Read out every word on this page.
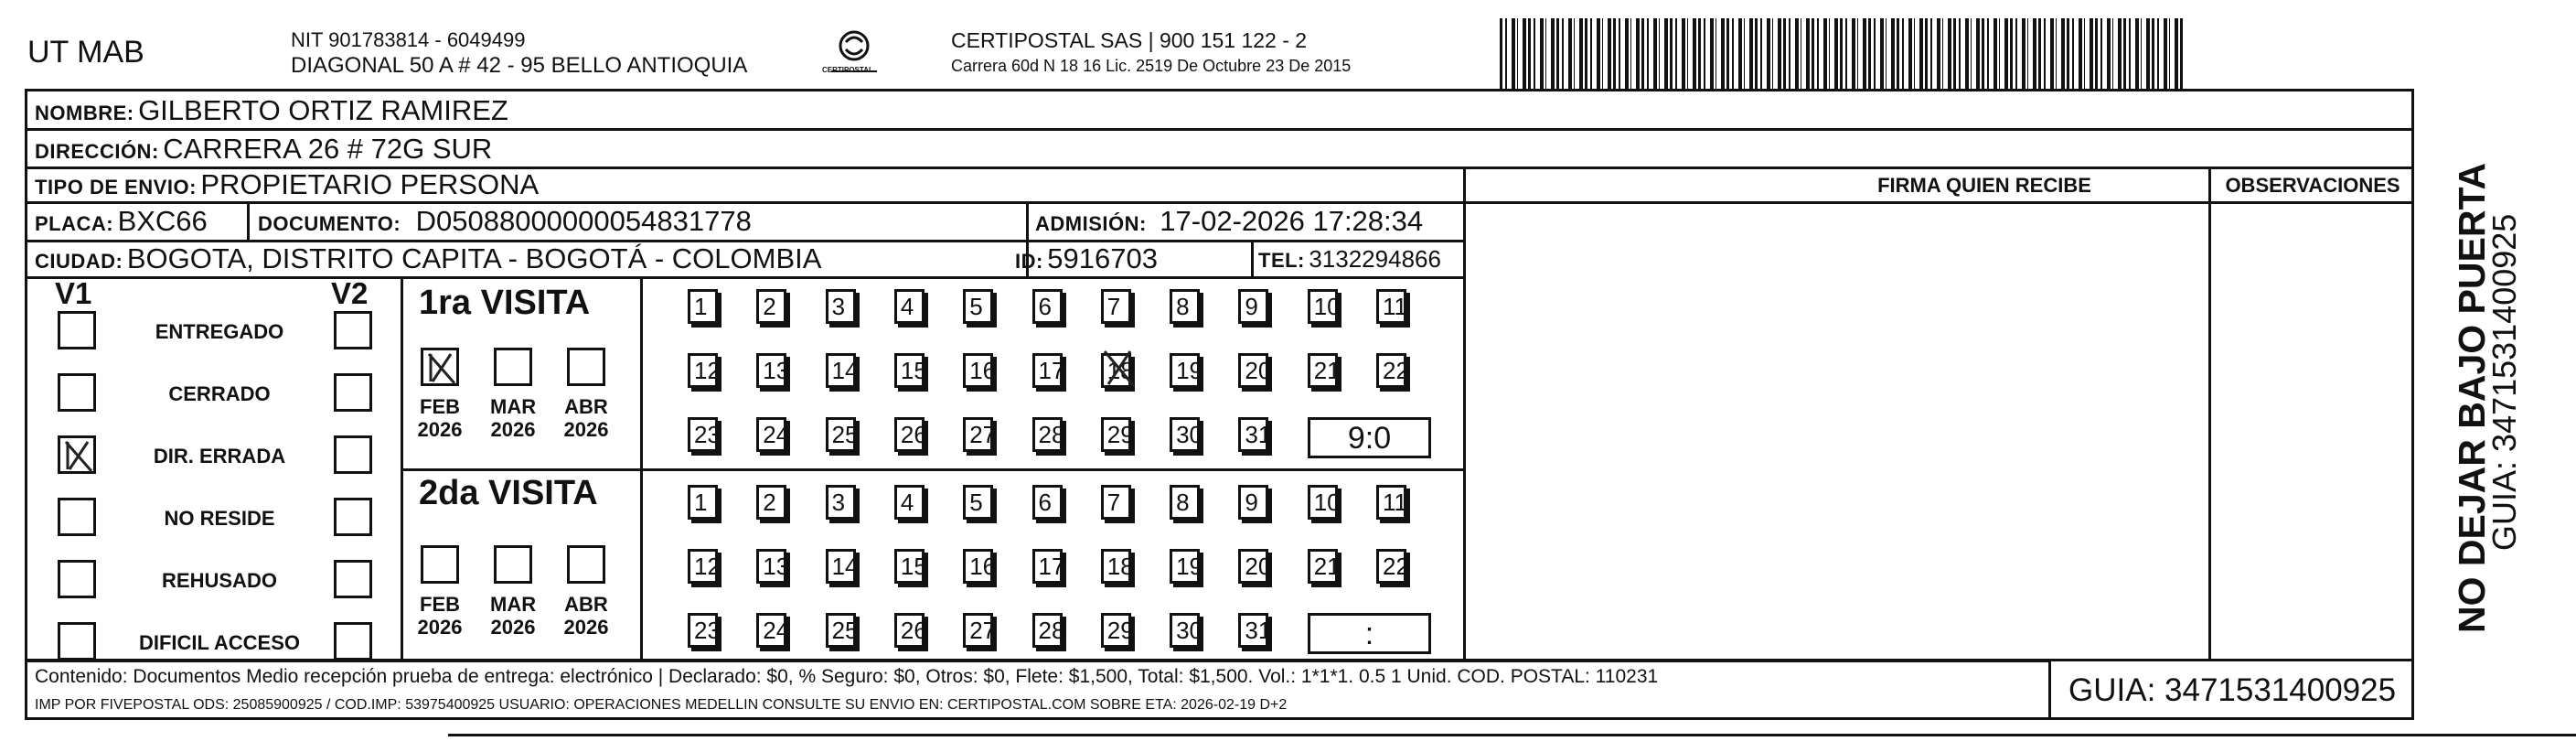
UT MAB	NIT 901783814 - 6049499
DIAGONAL 50 A # 42 - 95 BELLO ANTIOQUIA	CERTIPOSTAL
CERTIPOSTAL SAS | 900 151 122 - 2
Carrera 60d N 18 16 Lic. 2519 De Octubre 23 De 2015
NOMBRE: GILBERTO ORTIZ RAMIREZ
DIRECCIÓN: CARRERA 26 # 72G SUR
TIPO DE ENVIO: PROPIETARIO PERSONA	FIRMA QUIEN RECIBE	OBSERVACIONES
PLACA: BXC66	DOCUMENTO: D05088000000054831778	ADMISIÓN: 17-02-2026 17:28:34
CIUDAD: BOGOTA, DISTRITO CAPITA - BOGOTÁ - COLOMBIA	ID: 5916703	TEL: 3132294866
V1	V2
ENTREGADO
CERRADO
DIR. ERRADA
NO RESIDE
REHUSADO
DIFICIL ACCESO
1ra VISITA
2da VISITA
FEB
2026
MAR
2026
ABR
2026
FEB
2026
MAR
2026
ABR
2026
1	2	3	4	5	6	7	8	9	10 11
12 13 14 15 16 17 18 19 20 21 22
23 24 25 26 27 28 29 30 31	9:0
1	2	3	4	5	6	7	8	9	10 11
12 13 14 15 16 17 18 19 20 21 22
23 24 25 26 27 28 29 30 31	:
NO DEJAR BAJO PUERTA
GUIA: 3471531400925
Contenido: Documentos Medio recepción prueba de entrega: electrónico | Declarado: $0, % Seguro: $0, Otros: $0, Flete: $1,500, Total: $1,500. Vol.: 1*1*1. 0.5 1 Unid. COD. POSTAL: 110231
IMP POR FIVEPOSTAL ODS: 25085900925 / COD.IMP: 53975400925 USUARIO: OPERACIONES MEDELLIN CONSULTE SU ENVIO EN: CERTIPOSTAL.COM SOBRE ETA: 2026-02-19 D+2	GUIA: 3471531400925
